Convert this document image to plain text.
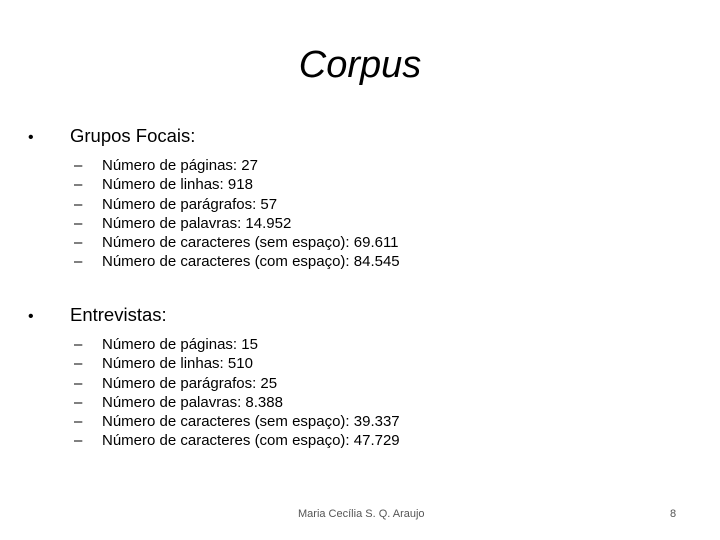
Corpus
•	Grupos Focais:
–	Número de páginas: 27
–	Número de linhas: 918
–	Número de parágrafos: 57
–	Número de palavras: 14.952
–	Número de caracteres (sem espaço): 69.611
–	Número de caracteres (com espaço): 84.545
•	Entrevistas:
–	Número de páginas: 15
–	Número de linhas: 510
–	Número de parágrafos: 25
–	Número de palavras: 8.388
–	Número de caracteres (sem espaço): 39.337
–	Número de caracteres (com espaço): 47.729
Maria Cecília S. Q. Araujo	8
